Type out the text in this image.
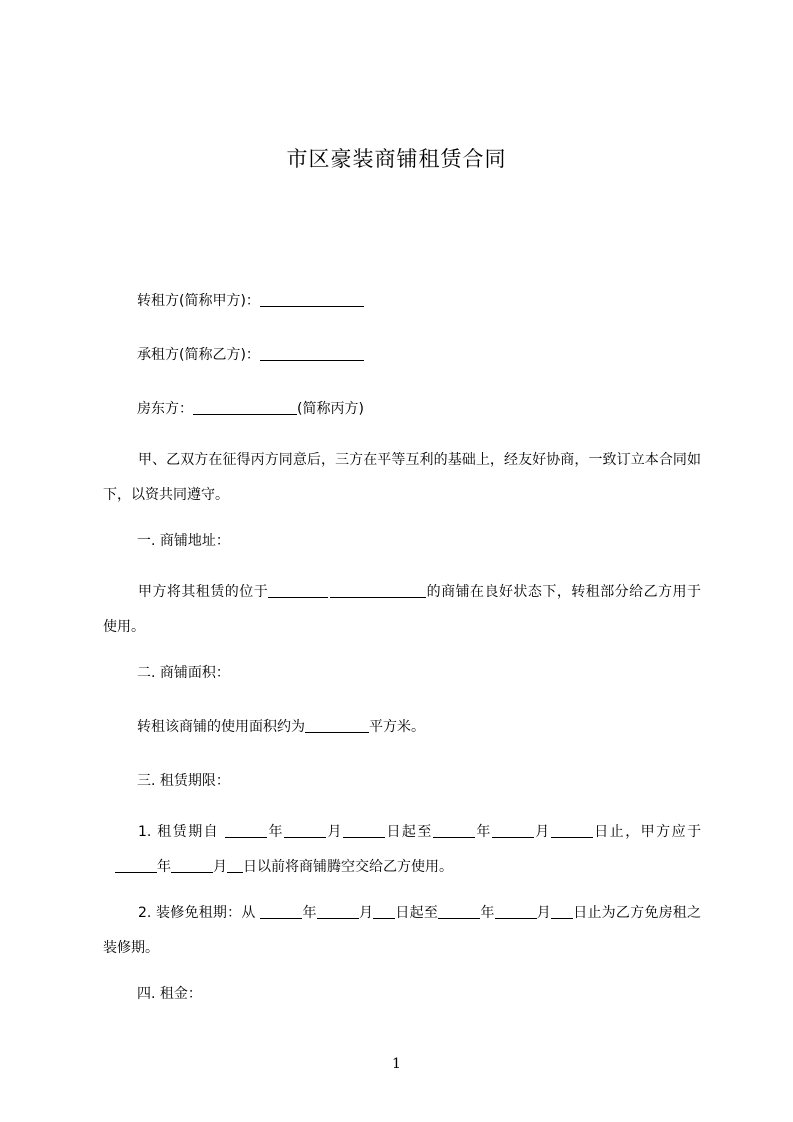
市区豪装商铺租赁合同
转租方(简称甲方)：
承租方(简称乙方)：
房东方：	(简称丙方)
甲、乙双方在征得丙方同意后，三方在平等互利的基础上，经友好协商，一致订立本合同如下，以资共同遵守。
一. 商铺地址：
甲方将其租赁的位于	的商铺在良好状态下，转租部分给乙方用于 使用。
二. 商铺面积：
转租该商铺的使用面积约为	平方米。
三. 租赁期限：
1. 租赁期自	年	月	日起至	年	月	日止，甲方应于 年	月 日以前将商铺腾空交给乙方使用。
2. 装修免租期：从	年	月 日起至	年	月 日止为乙方免房租之装修期。
四. 租金：
1
